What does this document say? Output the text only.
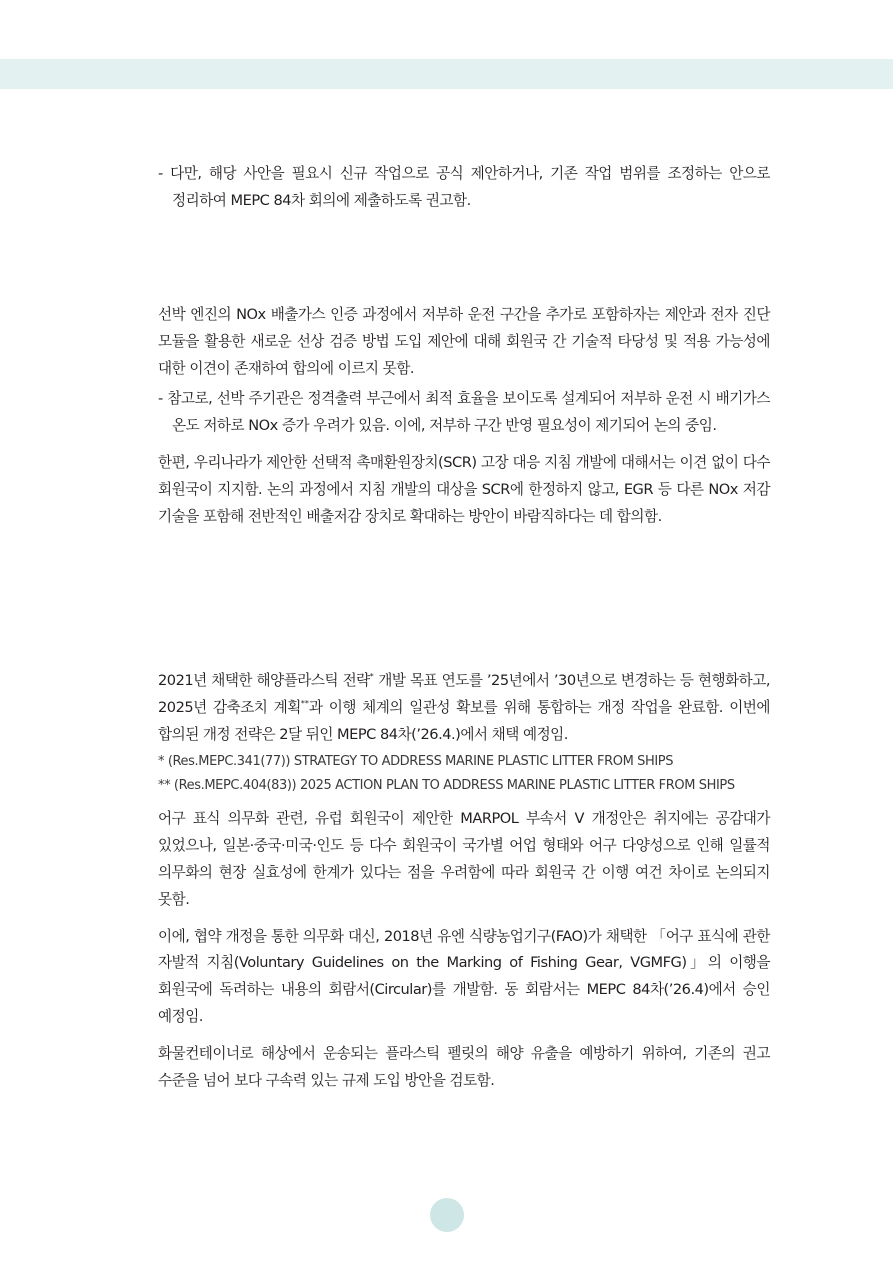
- 다만, 해당 사안을 필요시 신규 작업으로 공식 제안하거나, 기존 작업 범위를 조정하는 안으로 정리하여 MEPC 84차 회의에 제출하도록 권고함.

선박 엔진의 NOx 배출가스 인증 과정에서 저부하 운전 구간을 추가로 포함하자는 제안과 전자 진단 모듈을 활용한 새로운 선상 검증 방법 도입 제안에 대해 회원국 간 기술적 타당성 및 적용 가능성에 대한 이견이 존재하여 합의에 이르지 못함.

- 참고로, 선박 주기관은 정격출력 부근에서 최적 효율을 보이도록 설계되어 저부하 운전 시 배기가스 온도 저하로 NOx 증가 우려가 있음. 이에, 저부하 구간 반영 필요성이 제기되어 논의 중임.

한편, 우리나라가 제안한 선택적 촉매환원장치(SCR) 고장 대응 지침 개발에 대해서는 이견 없이 다수 회원국이 지지함. 논의 과정에서 지침 개발의 대상을 SCR에 한정하지 않고, EGR 등 다른 NOx 저감 기술을 포함해 전반적인 배출저감 장치로 확대하는 방안이 바람직하다는 데 합의함.

2021년 채택한 해양플라스틱 전략* 개발 목표 연도를 ’25년에서 ’30년으로 변경하는 등 현행화하고, 2025년 감축조치 계획**과 이행 체계의 일관성 확보를 위해 통합하는 개정 작업을 완료함. 이번에 합의된 개정 전략은 2달 뒤인 MEPC 84차(’26.4.)에서 채택 예정임.

* (Res.MEPC.341(77)) STRATEGY TO ADDRESS MARINE PLASTIC LITTER FROM SHIPS

** (Res.MEPC.404(83)) 2025 ACTION PLAN TO ADDRESS MARINE PLASTIC LITTER FROM SHIPS

어구 표식 의무화 관련, 유럽 회원국이 제안한 MARPOL 부속서 V 개정안은 취지에는 공감대가 있었으나, 일본·중국·미국·인도 등 다수 회원국이 국가별 어업 형태와 어구 다양성으로 인해 일률적 의무화의 현장 실효성에 한계가 있다는 점을 우려함에 따라 회원국 간 이행 여건 차이로 논의되지 못함.

이에, 협약 개정을 통한 의무화 대신, 2018년 유엔 식량농업기구(FAO)가 채택한 「어구 표식에 관한 자발적 지침(Voluntary Guidelines on the Marking of Fishing Gear, VGMFG)」의 이행을 회원국에 독려하는 내용의 회람서(Circular)를 개발함. 동 회람서는 MEPC 84차(’26.4)에서 승인 예정임.

화물컨테이너로 해상에서 운송되는 플라스틱 펠릿의 해양 유출을 예방하기 위하여, 기존의 권고 수준을 넘어 보다 구속력 있는 규제 도입 방안을 검토함.
